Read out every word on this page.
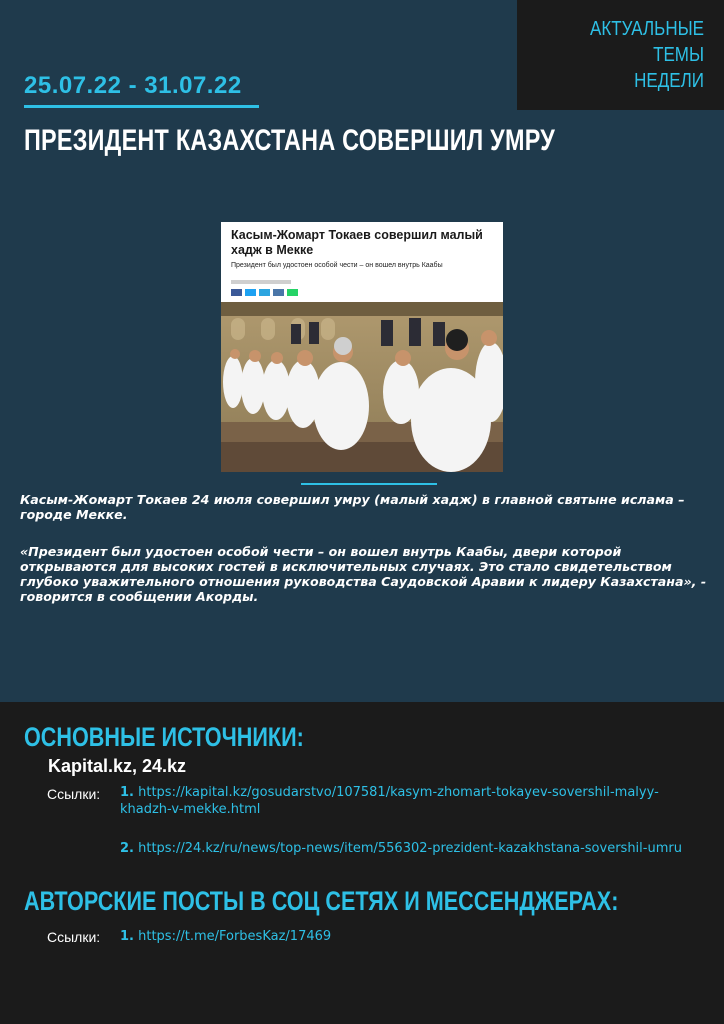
АКТУАЛЬНЫЕ ТЕМЫ
НЕДЕЛИ
25.07.22 - 31.07.22
ПРЕЗИДЕНТ КАЗАХСТАНА СОВЕРШИЛ УМРУ
Касым-Жомарт Токаев совершил малый хадж в Мекке
Президент был удостоен особой чести – он вошел внутрь Каабы
Касым-Жомарт Токаев 24 июля совершил умру (малый хадж) в главной святыне ислама – городе Мекке.
«Президент был удостоен особой чести – он вошел внутрь Каабы, двери которой открываются для высоких гостей в исключительных случаях. Это стало свидетельством глубоко уважительного отношения руководства Саудовской Аравии к лидеру Казахстана», - говорится в сообщении Акорды.
ОСНОВНЫЕ ИСТОЧНИКИ:
Kapital.kz, 24.kz
Ссылки: 1. https://kapital.kz/gosudarstvo/107581/kasym-zhomart-tokayev-sovershil-malyy-khadzh-v-mekke.html
2. https://24.kz/ru/news/top-news/item/556302-prezident-kazakhstana-sovershil-umru
АВТОРСКИЕ ПОСТЫ В СОЦ СЕТЯХ И МЕССЕНДЖЕРАХ:
Ссылки: 1. https://t.me/ForbesKaz/17469
